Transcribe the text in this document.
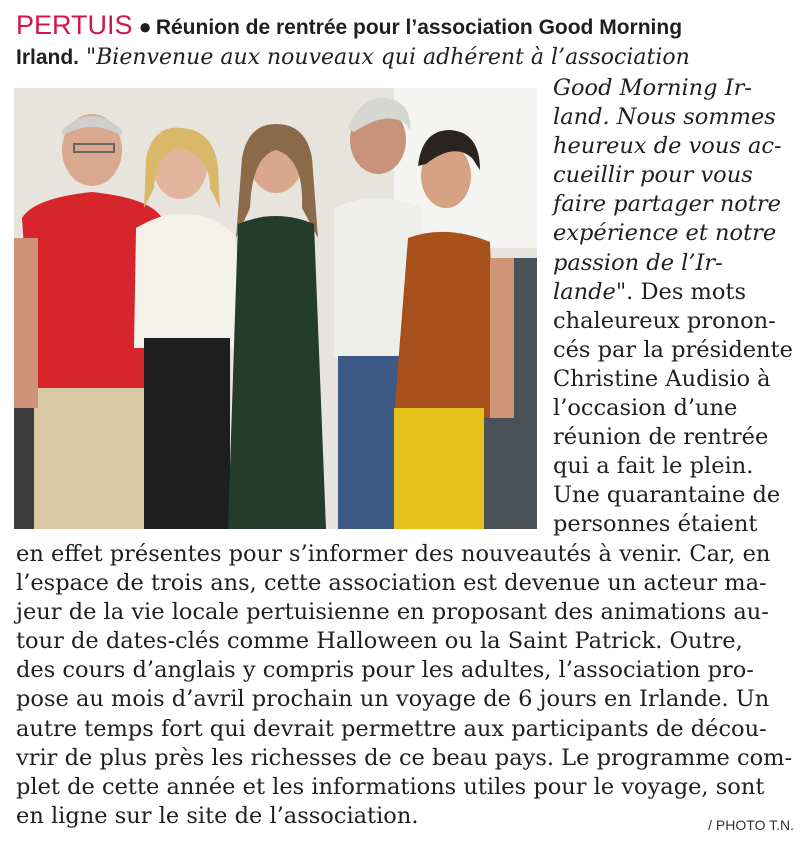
PERTUIS ● Réunion de rentrée pour l’association Good Morning
Irland. "Bienvenue aux nouveaux qui adhérent à l’association
Good Morning Ir-
land. Nous sommes
heureux de vous ac-
cueillir pour vous
faire partager notre
expérience et notre
passion de l’Ir-
lande". Des mots
chaleureux pronon-
cés par la présidente
Christine Audisio à
l’occasion d’une
réunion de rentrée
qui a fait le plein.
Une quarantaine de
personnes étaient
en effet présentes pour s’informer des nouveautés à venir. Car, en
l’espace de trois ans, cette association est devenue un acteur ma-
jeur de la vie locale pertuisienne en proposant des animations au-
tour de dates-clés comme Halloween ou la Saint Patrick. Outre,
des cours d’anglais y compris pour les adultes, l’association pro-
pose au mois d’avril prochain un voyage de 6 jours en Irlande. Un
autre temps fort qui devrait permettre aux participants de décou-
vrir de plus près les richesses de ce beau pays. Le programme com-
plet de cette année et les informations utiles pour le voyage, sont
en ligne sur le site de l’association.	/ PHOTO T.N.
